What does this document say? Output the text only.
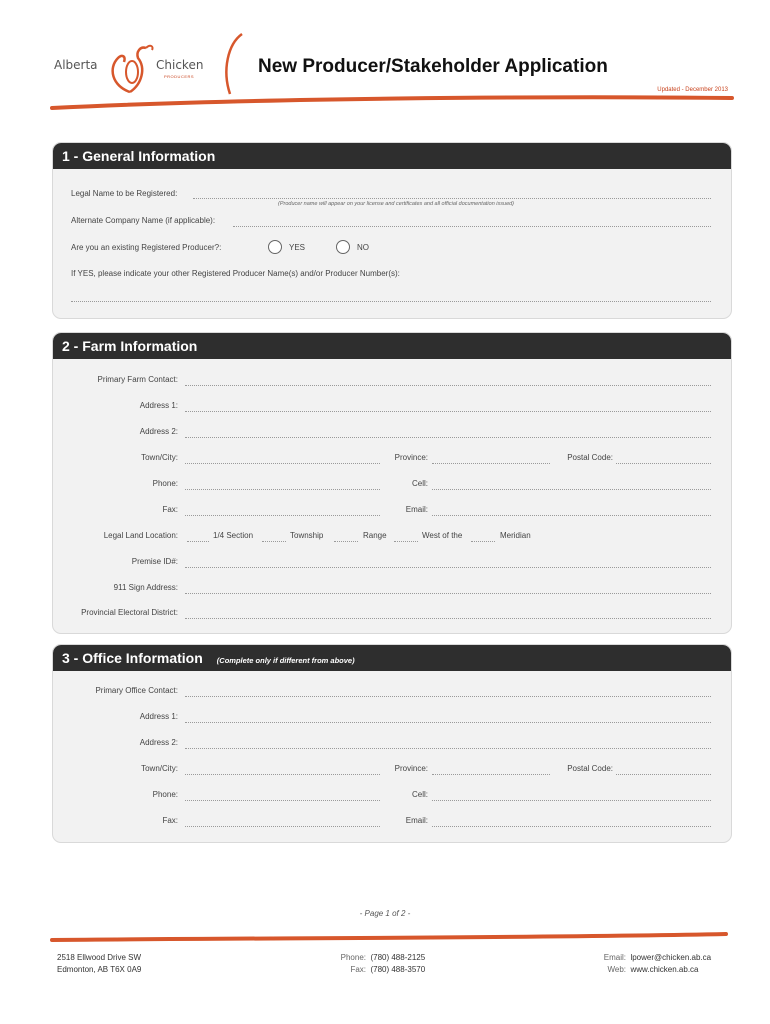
Alberta	Chicken
PRODUCERS	New Producer/Stakeholder Application
Updated - December 2013
1 - General Information
Legal Name to be Registered:
(Producer name will appear on your license and certificates and all official documentation issued)
Alternate Company Name (if applicable):
Are you an existing Registered Producer?:	YES	NO
If YES, please indicate your other Registered Producer Name(s) and/or Producer Number(s):
2 - Farm Information
Primary Farm Contact:
Address 1:
Address 2:
Town/City:	Province:	Postal Code:
Phone:	Cell:
Fax:	Email:
Legal Land Location:	1/4 Section	Township	Range	West of the	Meridian
Premise ID#:
911 Sign Address:
Provincial Electoral District:
3 - Office Information (Complete only if different from above)
Primary Office Contact:
Address 1:
Address 2:
Town/City:	Province:	Postal Code:
Phone:	Cell:
Fax:	Email:
- Page 1 of 2 -
2518 Ellwood Drive SW
Edmonton, AB T6X 0A9
Phone: (780) 488-2125
Fax: (780) 488-3570
Email: lpower@chicken.ab.ca
Web: www.chicken.ab.ca
